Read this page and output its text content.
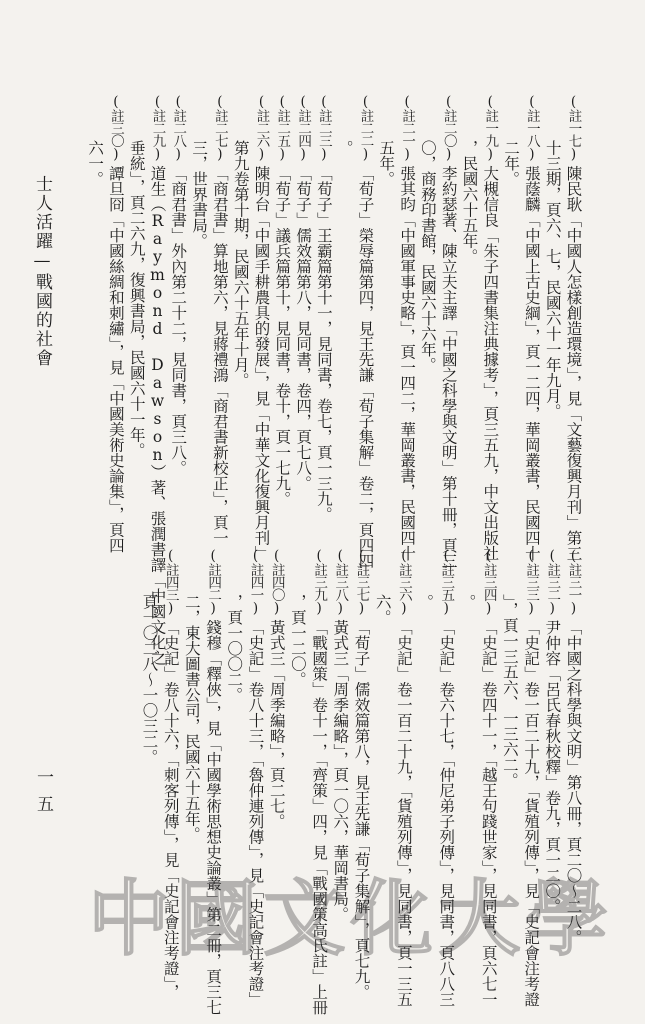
士人活躍—戰國的社會
一五
(註一七)陳民耿「中國人怎樣創造環境」，見「文藝復興月刊」第三
十三期，頁六、七，民國六十一年九月。
(註一八)張蔭麟「中國上古史綱」，頁一二四，華岡叢書，民國四十
二年。
(註一九)大槻信良「朱子四書集注典據考」，頁三五九，中文出版社
，民國六十五年。
(註二〇)李約瑟著、陳立夫主譯「中國之科學與文明」第十冊，頁三
〇，商務印書館，民國六十六年。
(註二一)張其昀「中國軍事史略」，頁一四二，華岡叢書，民國四十
五年。
(註二二)「荀子」榮辱篇第四，見王先謙「荀子集解」卷二，頁四四
。
(註二三)「荀子」王霸篇第十一，見同書，卷七，頁一三九。
(註二四)「荀子」儒效篇第八，見同書，卷四，頁七八。
(註二五)「荀子」議兵篇第十，見同書，卷十，頁一七九。
(註二六)陳明台「中國手耕農具的發展」，見「中華文化復興月刊」
第九卷第十期，民國六十五年十月。
(註二七)「商君書」算地第六，見蔣禮鴻「商君書新校正」，頁一
三，世界書局。
(註二八)「商君書」外內第二十二，見同書，頁三八。
(註二九)道生（Raymond Dawson）著、張潤書譯「中國文化之
垂統」，頁二六九，復興書局，民國六十一年。
(註三〇)譚旦冏「中國絲綢和刺繡」，見「中國美術史論集」，頁四
六一。
(註三一)「中國之科學與文明」第八冊，頁二〇〜二八。
(註三二)尹仲容「呂氏春秋校釋」卷九，頁一二〇。
(註三三)「史記」卷一百二十九，「貨殖列傳」，見「史記會注考證
」，頁一三五六、一三六二。
(註三四)「史記」卷四十一，「越王句踐世家」，見同書，頁六七一
。
(註三五)「史記」卷六十七，「仲尼弟子列傳」，見同書，頁八八三
。
(註三六)「史記」卷一百二十九，「貨殖列傳」，見同書，頁一三五
六。
(註三七)「荀子」儒效篇第八，見王先謙「荀子集解」，頁七九。
(註三八)黃式三「周季編略」，頁一〇六，華岡書局。
(註三九)「戰國策」卷十一，「齊策」四，見「戰國策高氏註」上冊
，頁一二〇。
(註四〇)黃式三「周季編略」，頁二七。
(註四一)「史記」卷八十三，「魯仲連列傳」，見「史記會注考證」
，頁一〇〇二。
(註四二)錢穆「釋俠」，見「中國學術思想史論叢」第二冊，頁三七
二，東大圖書公司，民國六十五年。
(註四三)「史記」卷八十六，「刺客列傳」，見「史記會注考證」，
頁一〇二八〜一〇三二。
中 國 文 化 大 學
